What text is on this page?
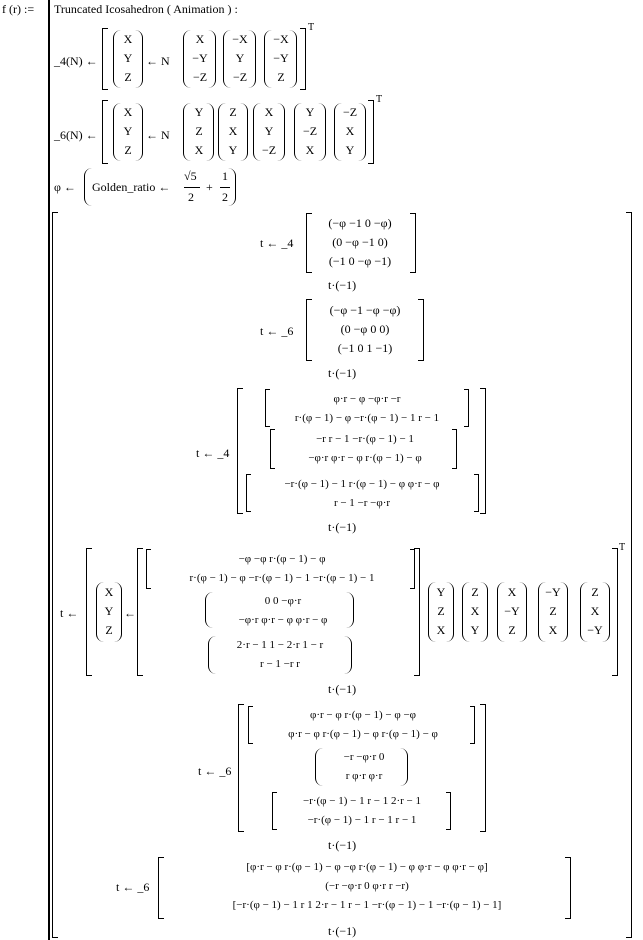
f (r) := Truncated Icosahedron ( Animation ) :
_4(N) ←
X
Y
Z
← N
X
−Y
−Z
−X
Y
−Z
−X
−Y
Z
T
_6(N) ←
X
Y
Z
← N
Y
Z
X
Z
X
Y
X
Y
−Z
Y
−Z
X
−Z
X
Y
T
φ ← Golden_ratio ←
√5
2
+
1
2
t ← _4
(−φ −1 0 −φ)
(0 −φ −1 0)
(−1 0 −φ −1)
t·(−1)
t ← _6
(−φ −1 −φ −φ)
(0 −φ 0 0)
(−1 0 1 −1)
t·(−1)
t ← _4
φ·r − φ −φ·r −r
r·(φ − 1) − φ −r·(φ − 1) − 1 r − 1
−r r − 1 −r·(φ − 1) − 1
−φ·r φ·r − φ r·(φ − 1) − φ
−r·(φ − 1) − 1 r·(φ − 1) − φ φ·r − φ
r − 1 −r −φ·r
t·(−1)
t ←
X
Y
Z
←
−φ −φ r·(φ − 1) − φ
r·(φ − 1) − φ −r·(φ − 1) − 1 −r·(φ − 1) − 1
0 0 −φ·r
−φ·r φ·r − φ φ·r − φ
2·r − 1 1 − 2·r 1 − r
r − 1 −r r
Y
Z
X
Z
X
Y
X
−Y
Z
−Y
Z
X
Z
X
−Y
T
t·(−1)
t ← _6
φ·r − φ r·(φ − 1) − φ −φ
φ·r − φ r·(φ − 1) − φ r·(φ − 1) − φ
−r −φ·r 0
r φ·r φ·r
−r·(φ − 1) − 1 r − 1 2·r − 1
−r·(φ − 1) − 1 r − 1 r − 1
t·(−1)
t ← _6
[φ·r − φ r·(φ − 1) − φ −φ r·(φ − 1) − φ φ·r − φ φ·r − φ]
(−r −φ·r 0 φ·r r −r)
[−r·(φ − 1) − 1 r 1 2·r − 1 r − 1 −r·(φ − 1) − 1 −r·(φ − 1) − 1]
t·(−1)
